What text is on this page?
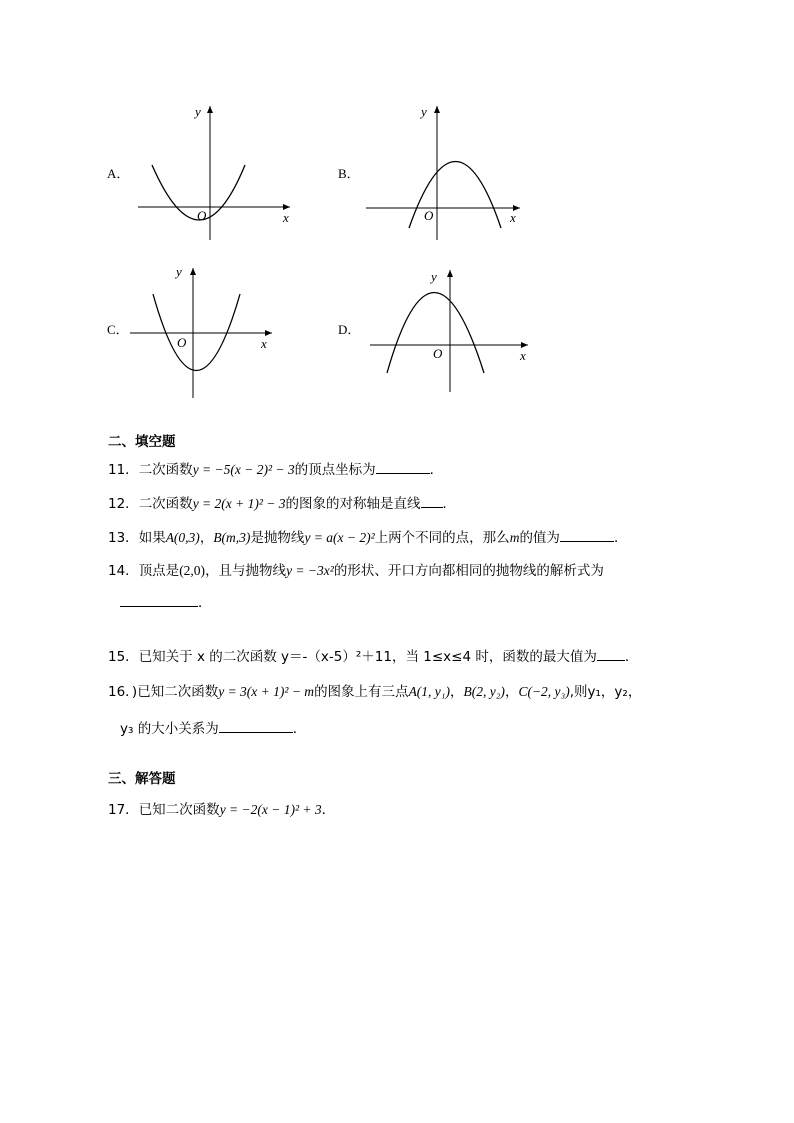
A．
x
y
O
B．
x
y
O
C．
x
y
O
D．
x
y
O
二、填空题
11．二次函数y = −5(x − 2)² − 3的顶点坐标为	．
12．二次函数y = 2(x + 1)² − 3的图象的对称轴是直线 ．
13．如果A(0,3)，B(m,3)是抛物线y = a(x − 2)²上两个不同的点，那么m的值为	．
14．顶点是(2,0)，且与抛物线y = −3x²的形状、开口方向都相同的抛物线的解析式为
．
15．已知关于 x 的二次函数 y＝-（x-5）²＋11，当 1≤x≤4 时，函数的最大值为 ．
16．)已知二次函数y = 3(x + 1)² − m的图象上有三点A(1, y₁)，B(2, y₂)，C(−2, y₃),则y₁，y₂，
y₃ 的大小关系为	．
三、解答题
17．已知二次函数y = −2(x − 1)² + 3．
